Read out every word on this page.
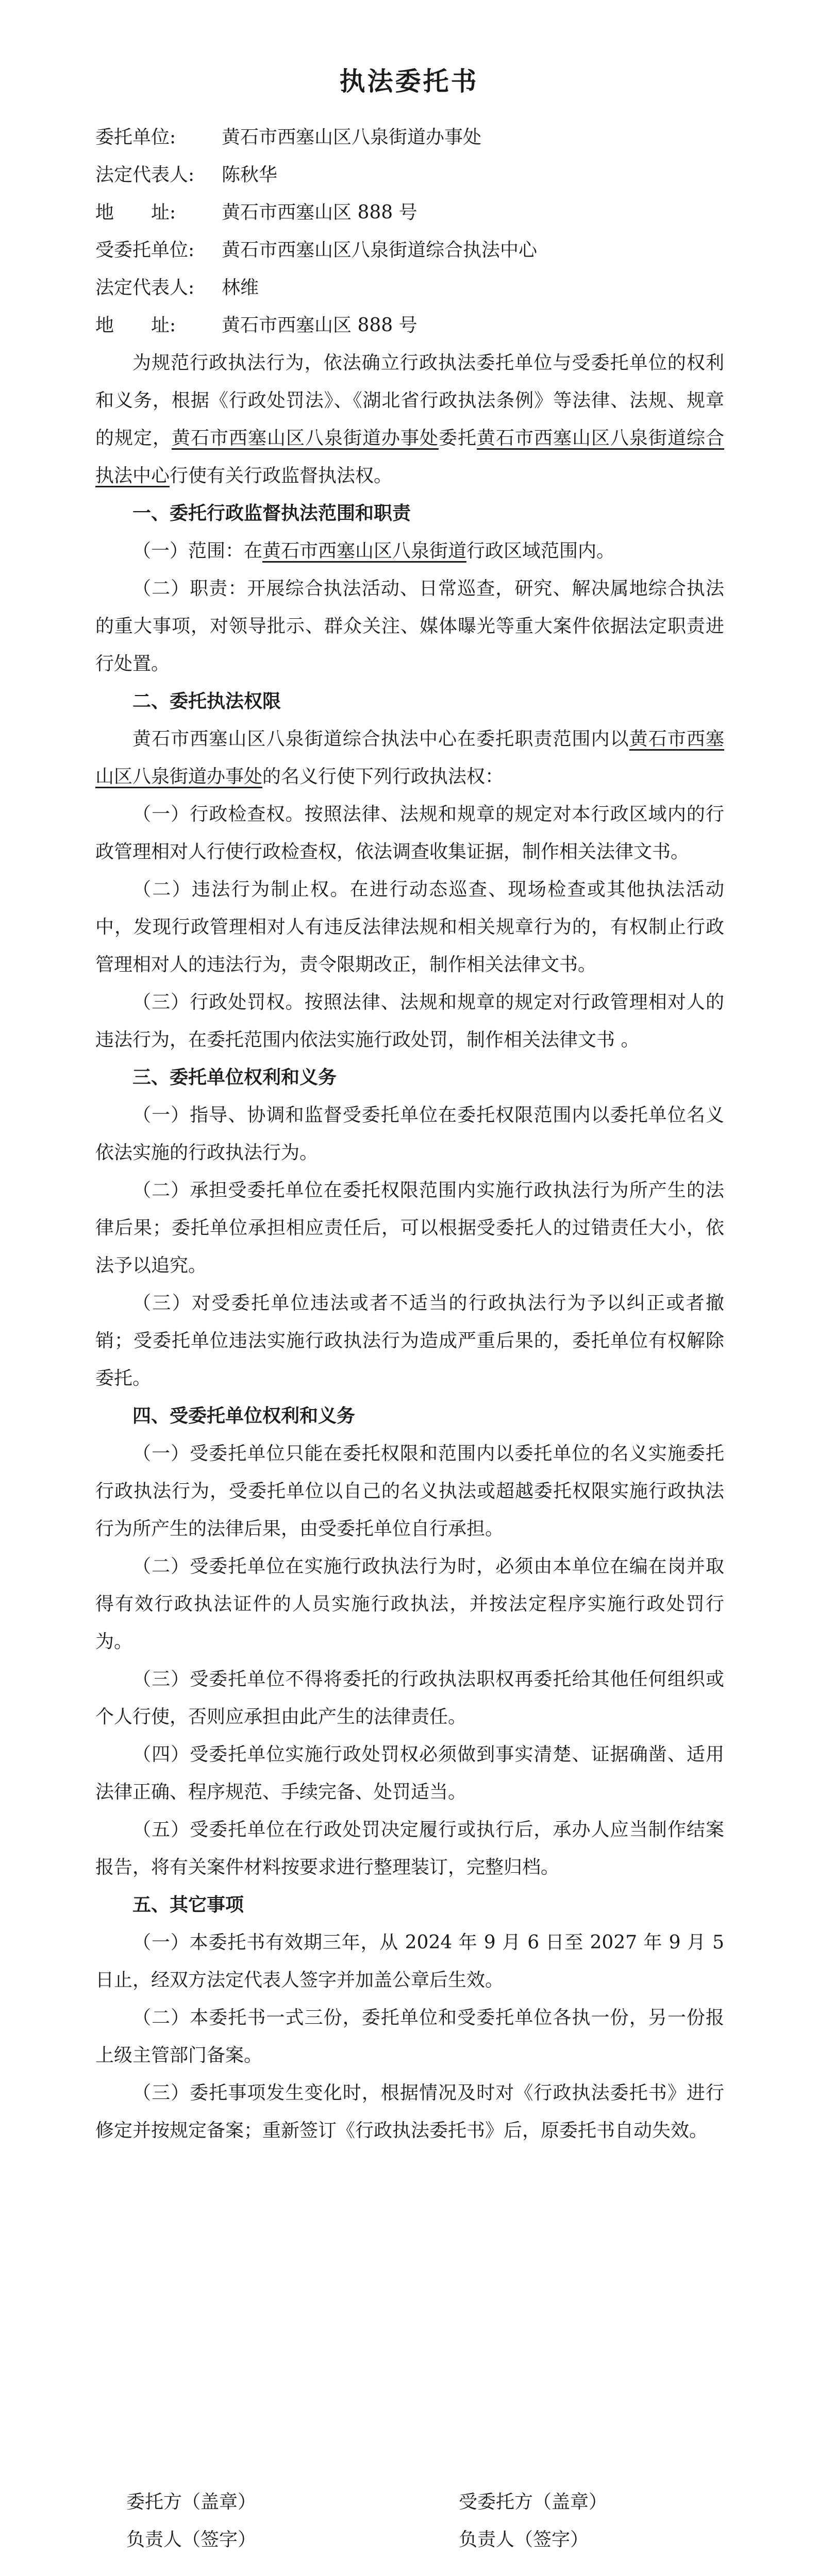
执法委托书
委托单位: 黄石市西塞山区八泉街道办事处
法定代表人: 陈秋华
地　　址: 黄石市西塞山区 888 号
受委托单位: 黄石市西塞山区八泉街道综合执法中心
法定代表人: 林维
地　　址: 黄石市西塞山区 888 号

为规范行政执法行为，依法确立行政执法委托单位与受委托单位的权利和义务，根据《行政处罚法》、《湖北省行政执法条例》等法律、法规、规章的规定，黄石市西塞山区八泉街道办事处委托黄石市西塞山区八泉街道综合执法中心行使有关行政监督执法权。

一、委托行政监督执法范围和职责

（一）范围：在黄石市西塞山区八泉街道行政区域范围内。

（二）职责：开展综合执法活动、日常巡查，研究、解决属地综合执法的重大事项，对领导批示、群众关注、媒体曝光等重大案件依据法定职责进行处置。

二、委托执法权限

黄石市西塞山区八泉街道综合执法中心在委托职责范围内以黄石市西塞山区八泉街道办事处的名义行使下列行政执法权：

（一）行政检查权。按照法律、法规和规章的规定对本行政区域内的行政管理相对人行使行政检查权，依法调查收集证据，制作相关法律文书。

（二）违法行为制止权。在进行动态巡查、现场检查或其他执法活动中，发现行政管理相对人有违反法律法规和相关规章行为的，有权制止行政管理相对人的违法行为，责令限期改正，制作相关法律文书。

（三）行政处罚权。按照法律、法规和规章的规定对行政管理相对人的违法行为，在委托范围内依法实施行政处罚，制作相关法律文书 。

三、委托单位权利和义务

（一）指导、协调和监督受委托单位在委托权限范围内以委托单位名义依法实施的行政执法行为。

（二）承担受委托单位在委托权限范围内实施行政执法行为所产生的法律后果；委托单位承担相应责任后，可以根据受委托人的过错责任大小，依法予以追究。

（三）对受委托单位违法或者不适当的行政执法行为予以纠正或者撤销；受委托单位违法实施行政执法行为造成严重后果的，委托单位有权解除委托。

四、受委托单位权利和义务

（一）受委托单位只能在委托权限和范围内以委托单位的名义实施委托行政执法行为，受委托单位以自己的名义执法或超越委托权限实施行政执法行为所产生的法律后果，由受委托单位自行承担。

（二）受委托单位在实施行政执法行为时，必须由本单位在编在岗并取得有效行政执法证件的人员实施行政执法，并按法定程序实施行政处罚行为。

（三）受委托单位不得将委托的行政执法职权再委托给其他任何组织或个人行使，否则应承担由此产生的法律责任。

（四）受委托单位实施行政处罚权必须做到事实清楚、证据确凿、适用法律正确、程序规范、手续完备、处罚适当。

（五）受委托单位在行政处罚决定履行或执行后，承办人应当制作结案报告，将有关案件材料按要求进行整理装订，完整归档。

五、其它事项

（一）本委托书有效期三年，从 2024 年 9 月 6 日至 2027 年 9 月 5 日止，经双方法定代表人签字并加盖公章后生效。

（二）本委托书一式三份，委托单位和受委托单位各执一份，另一份报上级主管部门备案。

（三）委托事项发生变化时，根据情况及时对《行政执法委托书》进行修定并按规定备案；重新签订《行政执法委托书》后，原委托书自动失效。

委托方（盖章）
负责人（签字）
受委托方（盖章）
负责人（签字）
